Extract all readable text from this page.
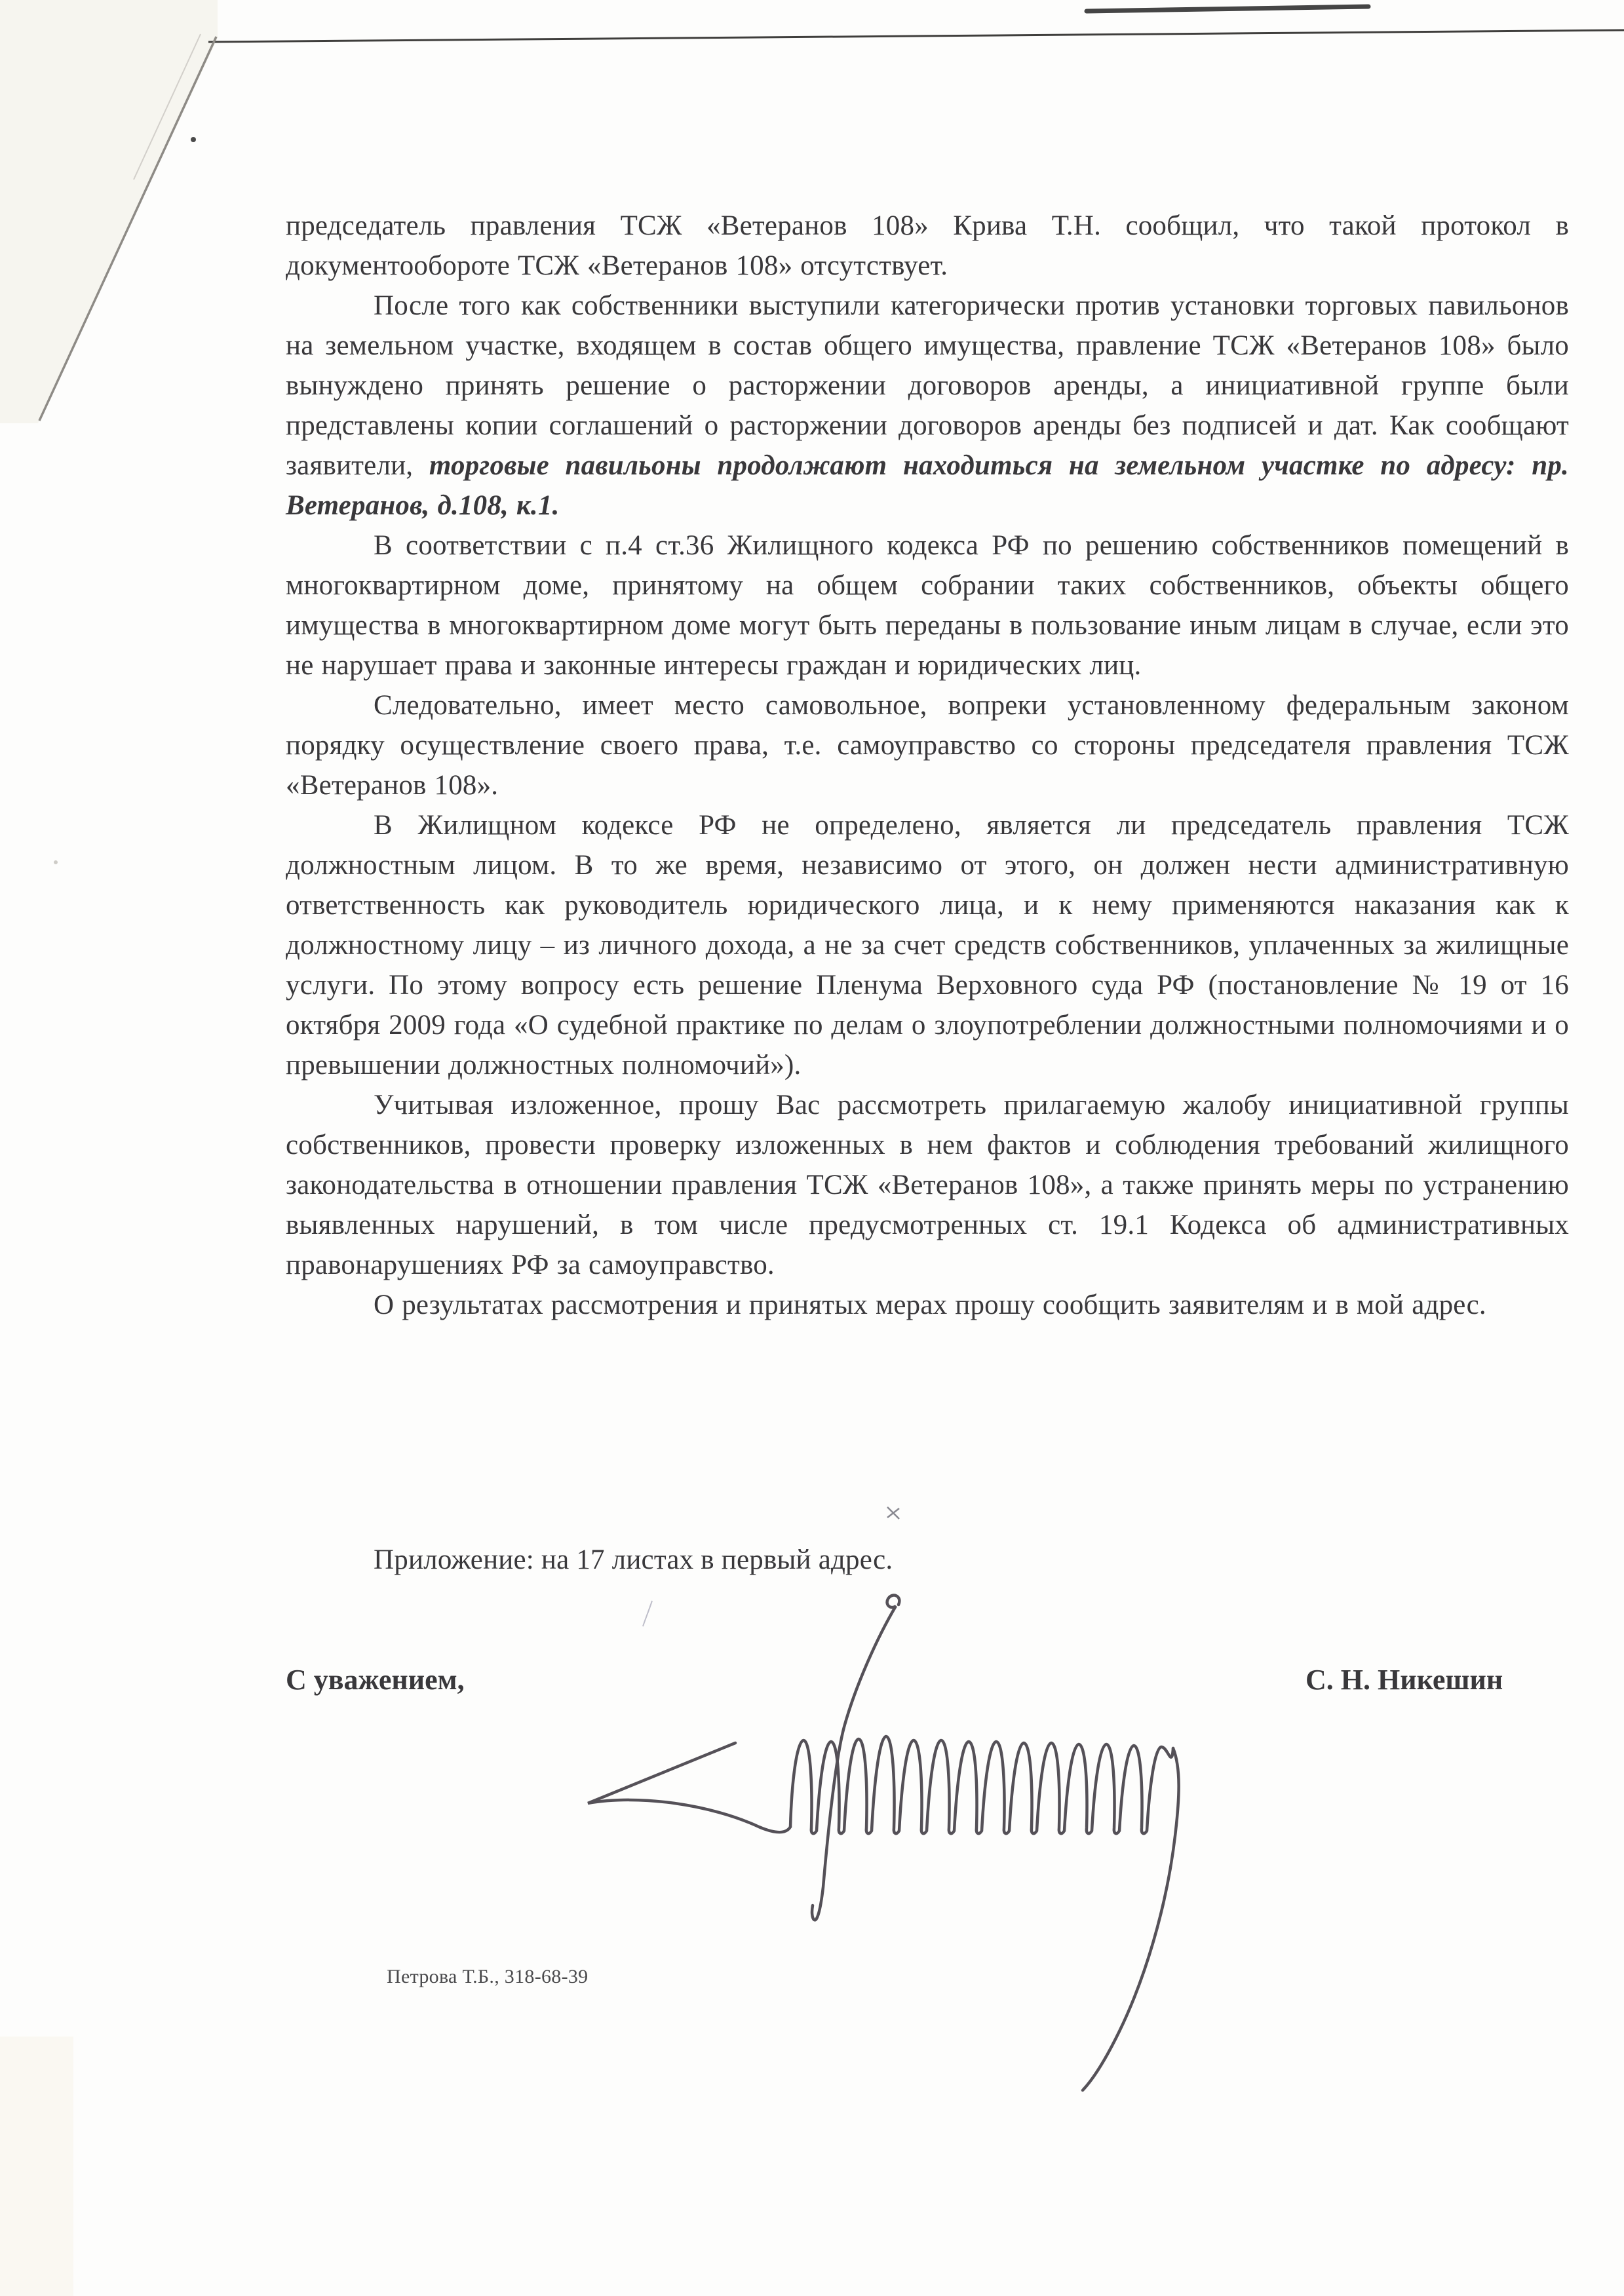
председатель правления ТСЖ «Ветеранов 108» Крива Т.Н. сообщил, что такой протокол в документообороте ТСЖ «Ветеранов 108» отсутствует.

После того как собственники выступили категорически против установки торговых павильонов на земельном участке, входящем в состав общего имущества, правление ТСЖ «Ветеранов 108» было вынуждено принять решение о расторжении договоров аренды, а инициативной группе были представлены копии соглашений о расторжении договоров аренды без подписей и дат. Как сообщают заявители, торговые павильоны продолжают находиться на земельном участке по адресу: пр. Ветеранов, д.108, к.1.

В соответствии с п.4 ст.36 Жилищного кодекса РФ по решению собственников помещений в многоквартирном доме, принятому на общем собрании таких собственников, объекты общего имущества в многоквартирном доме могут быть переданы в пользование иным лицам в случае, если это не нарушает права и законные интересы граждан и юридических лиц.

Следовательно, имеет место самовольное, вопреки установленному федеральным законом порядку осуществление своего права, т.е. самоуправство со стороны председателя правления ТСЖ «Ветеранов 108».

В Жилищном кодексе РФ не определено, является ли председатель правления ТСЖ должностным лицом. В то же время, независимо от этого, он должен нести административную ответственность как руководитель юридического лица, и к нему применяются наказания как к должностному лицу – из личного дохода, а не за счет средств собственников, уплаченных за жилищные услуги. По этому вопросу есть решение Пленума Верховного суда РФ (постановление № 19 от 16 октября 2009 года «О судебной практике по делам о злоупотреблении должностными полномочиями и о превышении должностных полномочий»).

Учитывая изложенное, прошу Вас рассмотреть прилагаемую жалобу инициативной группы собственников, провести проверку изложенных в нем фактов и соблюдения требований жилищного законодательства в отношении правления ТСЖ «Ветеранов 108», а также принять меры по устранению выявленных нарушений, в том числе предусмотренных ст. 19.1 Кодекса об административных правонарушениях РФ за самоуправство.

О результатах рассмотрения и принятых мерах прошу сообщить заявителям и в мой адрес.

Приложение: на 17 листах в первый адрес.
С уважением,	С. Н. Никешин
Петрова Т.Б., 318-68-39
